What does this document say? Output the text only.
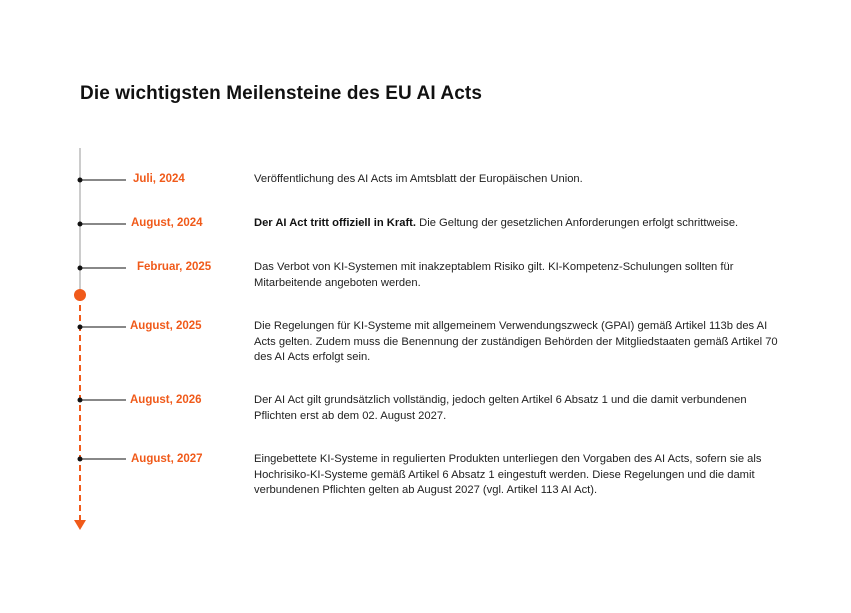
Die wichtigsten Meilensteine des EU AI Acts
Juli, 2024	Veröffentlichung des AI Acts im Amtsblatt der Europäischen Union.
August, 2024	Der AI Act tritt offiziell in Kraft. Die Geltung der gesetzlichen Anforderungen erfolgt schrittweise.
Februar, 2025	Das Verbot von KI-Systemen mit inakzeptablem Risiko gilt. KI-Kompetenz-Schulungen sollten für Mitarbeitende angeboten werden.
August, 2025	Die Regelungen für KI-Systeme mit allgemeinem Verwendungszweck (GPAI) gemäß Artikel 113b des AI Acts gelten. Zudem muss die Benennung der zuständigen Behörden der Mitgliedstaaten gemäß Artikel 70 des AI Acts erfolgt sein.
August, 2026	Der AI Act gilt grundsätzlich vollständig, jedoch gelten Artikel 6 Absatz 1 und die damit verbundenen Pflichten erst ab dem 02. August 2027.
August, 2027	Eingebettete KI-Systeme in regulierten Produkten unterliegen den Vorgaben des AI Acts, sofern sie als Hochrisiko-KI-Systeme gemäß Artikel 6 Absatz 1 eingestuft werden. Diese Regelungen und die damit verbundenen Pflichten gelten ab August 2027 (vgl. Artikel 113 AI Act).
